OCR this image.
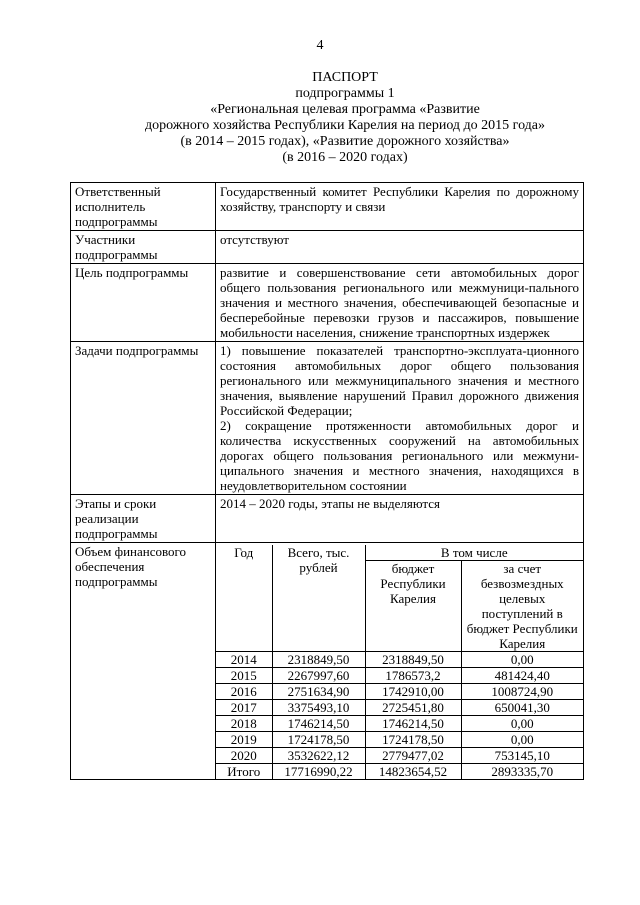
4
ПАСПОРТ
подпрограммы 1
«Региональная целевая программа «Развитие
дорожного хозяйства Республики Карелия на период до 2015 года»
(в 2014 – 2015 годах), «Развитие дорожного хозяйства»
(в 2016 – 2020 годах)
Ответственный исполнитель подпрограммы	Государственный комитет Республики Карелия по дорожному хозяйству, транспорту и связи
Участники подпрограммы	отсутствуют
Цель подпрограммы	развитие и совершенствование сети автомобильных дорог общего пользования регионального или межмуници-пального значения и местного значения, обеспечивающей безопасные и бесперебойные перевозки грузов и пассажиров, повышение мобильности населения, снижение транспортных издержек
Задачи подпрограммы	1) повышение показателей транспортно-эксплуата-ционного состояния автомобильных дорог общего пользования регионального или межмуниципального значения и местного значения, выявление нарушений Правил дорожного движения Российской Федерации;
2) сокращение протяженности автомобильных дорог и количества искусственных сооружений на автомобильных дорогах общего пользования регионального или межмуни-ципального значения и местного значения, находящихся в неудовлетворительном состоянии

Этапы и сроки реализации подпрограммы	2014 – 2020 годы, этапы не выделяются
Объем финансового обеспечения подпрограммы	
Год	Всего, тыс. рублей	В том числе
бюджет Республики Карелия	за счет безвозмездных целевых поступлений в бюджет Республики Карелия
2014	2318849,50	2318849,50	0,00
2015	2267997,60	1786573,2	481424,40
2016	2751634,90	1742910,00	1008724,90
2017	3375493,10	2725451,80	650041,30
2018	1746214,50	1746214,50	0,00
2019	1724178,50	1724178,50	0,00
2020	3532622,12	2779477,02	753145,10
Итого	17716990,22	14823654,52	2893335,70
